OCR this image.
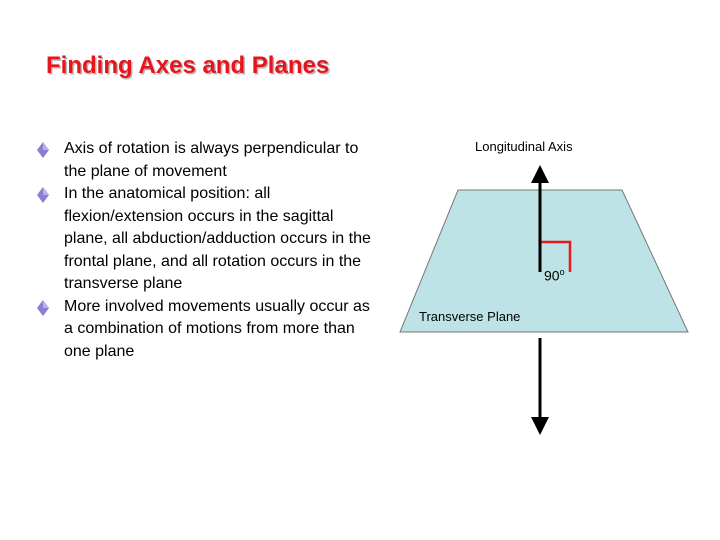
Finding Axes and Planes
Axis of rotation is always perpendicular to the plane of movement
In the anatomical position: all flexion/extension occurs in the sagittal plane, all abduction/adduction occurs in the frontal plane, and all rotation occurs in the transverse plane
More involved movements usually occur as a combination of motions from more than one plane
Longitudinal Axis
Transverse Plane
90$^o$
